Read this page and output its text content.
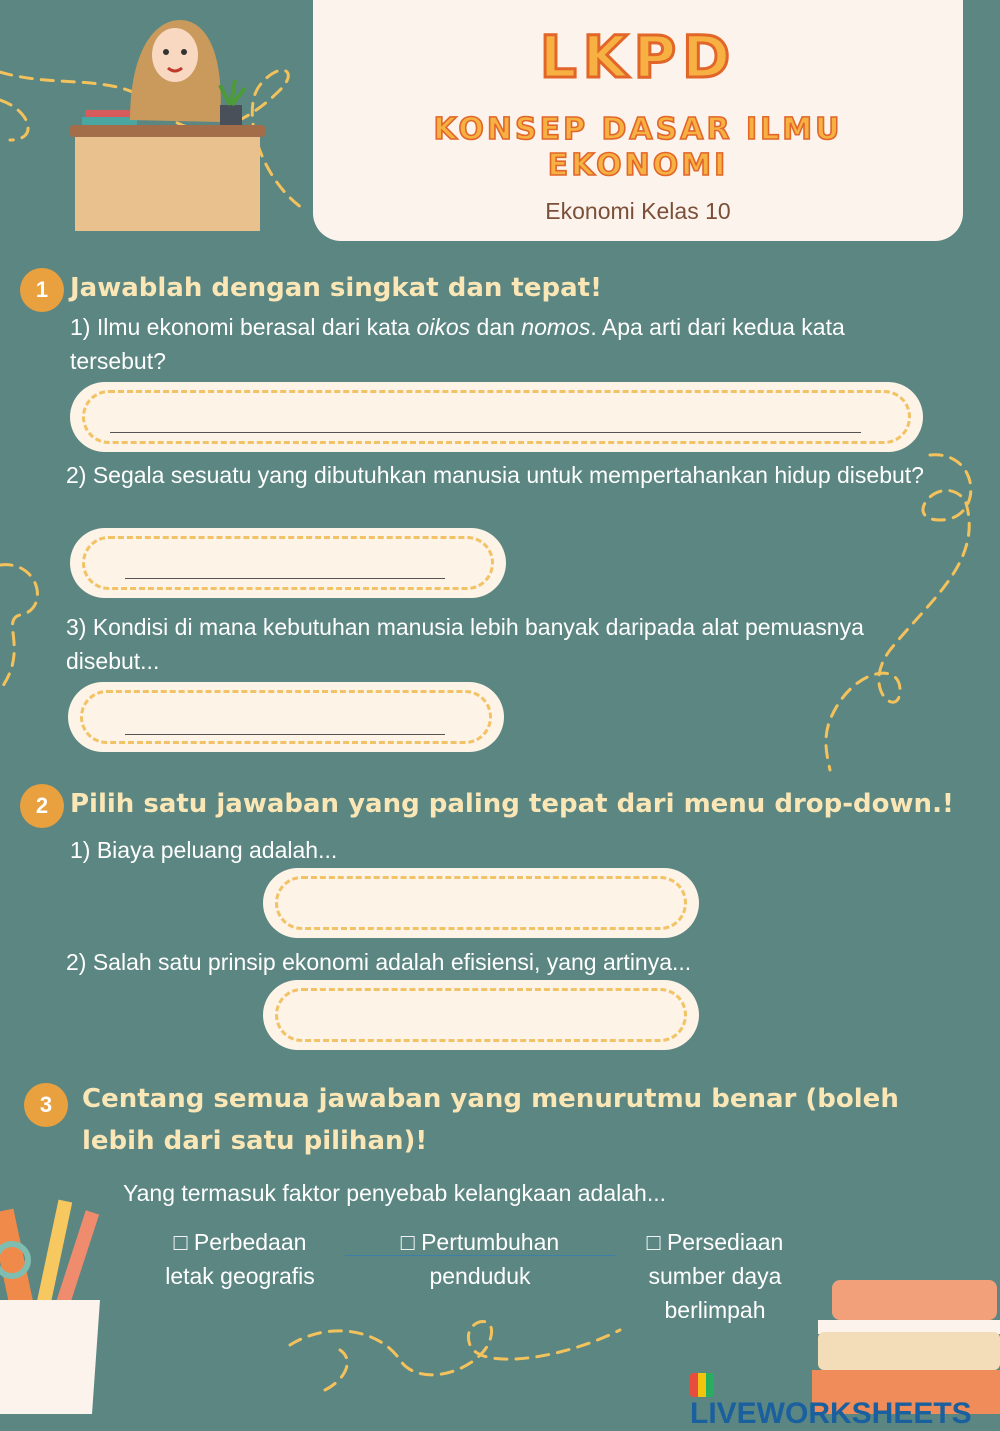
LKPD
KONSEP DASAR ILMU EKONOMI
Ekonomi Kelas 10
1 Jawablah dengan singkat dan tepat!
1) Ilmu ekonomi berasal dari kata oikos dan nomos. Apa arti dari kedua kata tersebut?
2) Segala sesuatu yang dibutuhkan manusia untuk mempertahankan hidup disebut?
3) Kondisi di mana kebutuhan manusia lebih banyak daripada alat pemuasnya disebut...
2 Pilih satu jawaban yang paling tepat dari menu drop-down.!
1) Biaya peluang adalah...
2) Salah satu prinsip ekonomi adalah efisiensi, yang artinya...
3	Centang semua jawaban yang menurutmu benar (boleh lebih dari satu pilihan)!
Yang termasuk faktor penyebab kelangkaan adalah...
□ Perbedaan
letak geografis
□ Pertumbuhan
penduduk
□ Persediaan
sumber daya
berlimpah
LIVEWORKSHEETS
